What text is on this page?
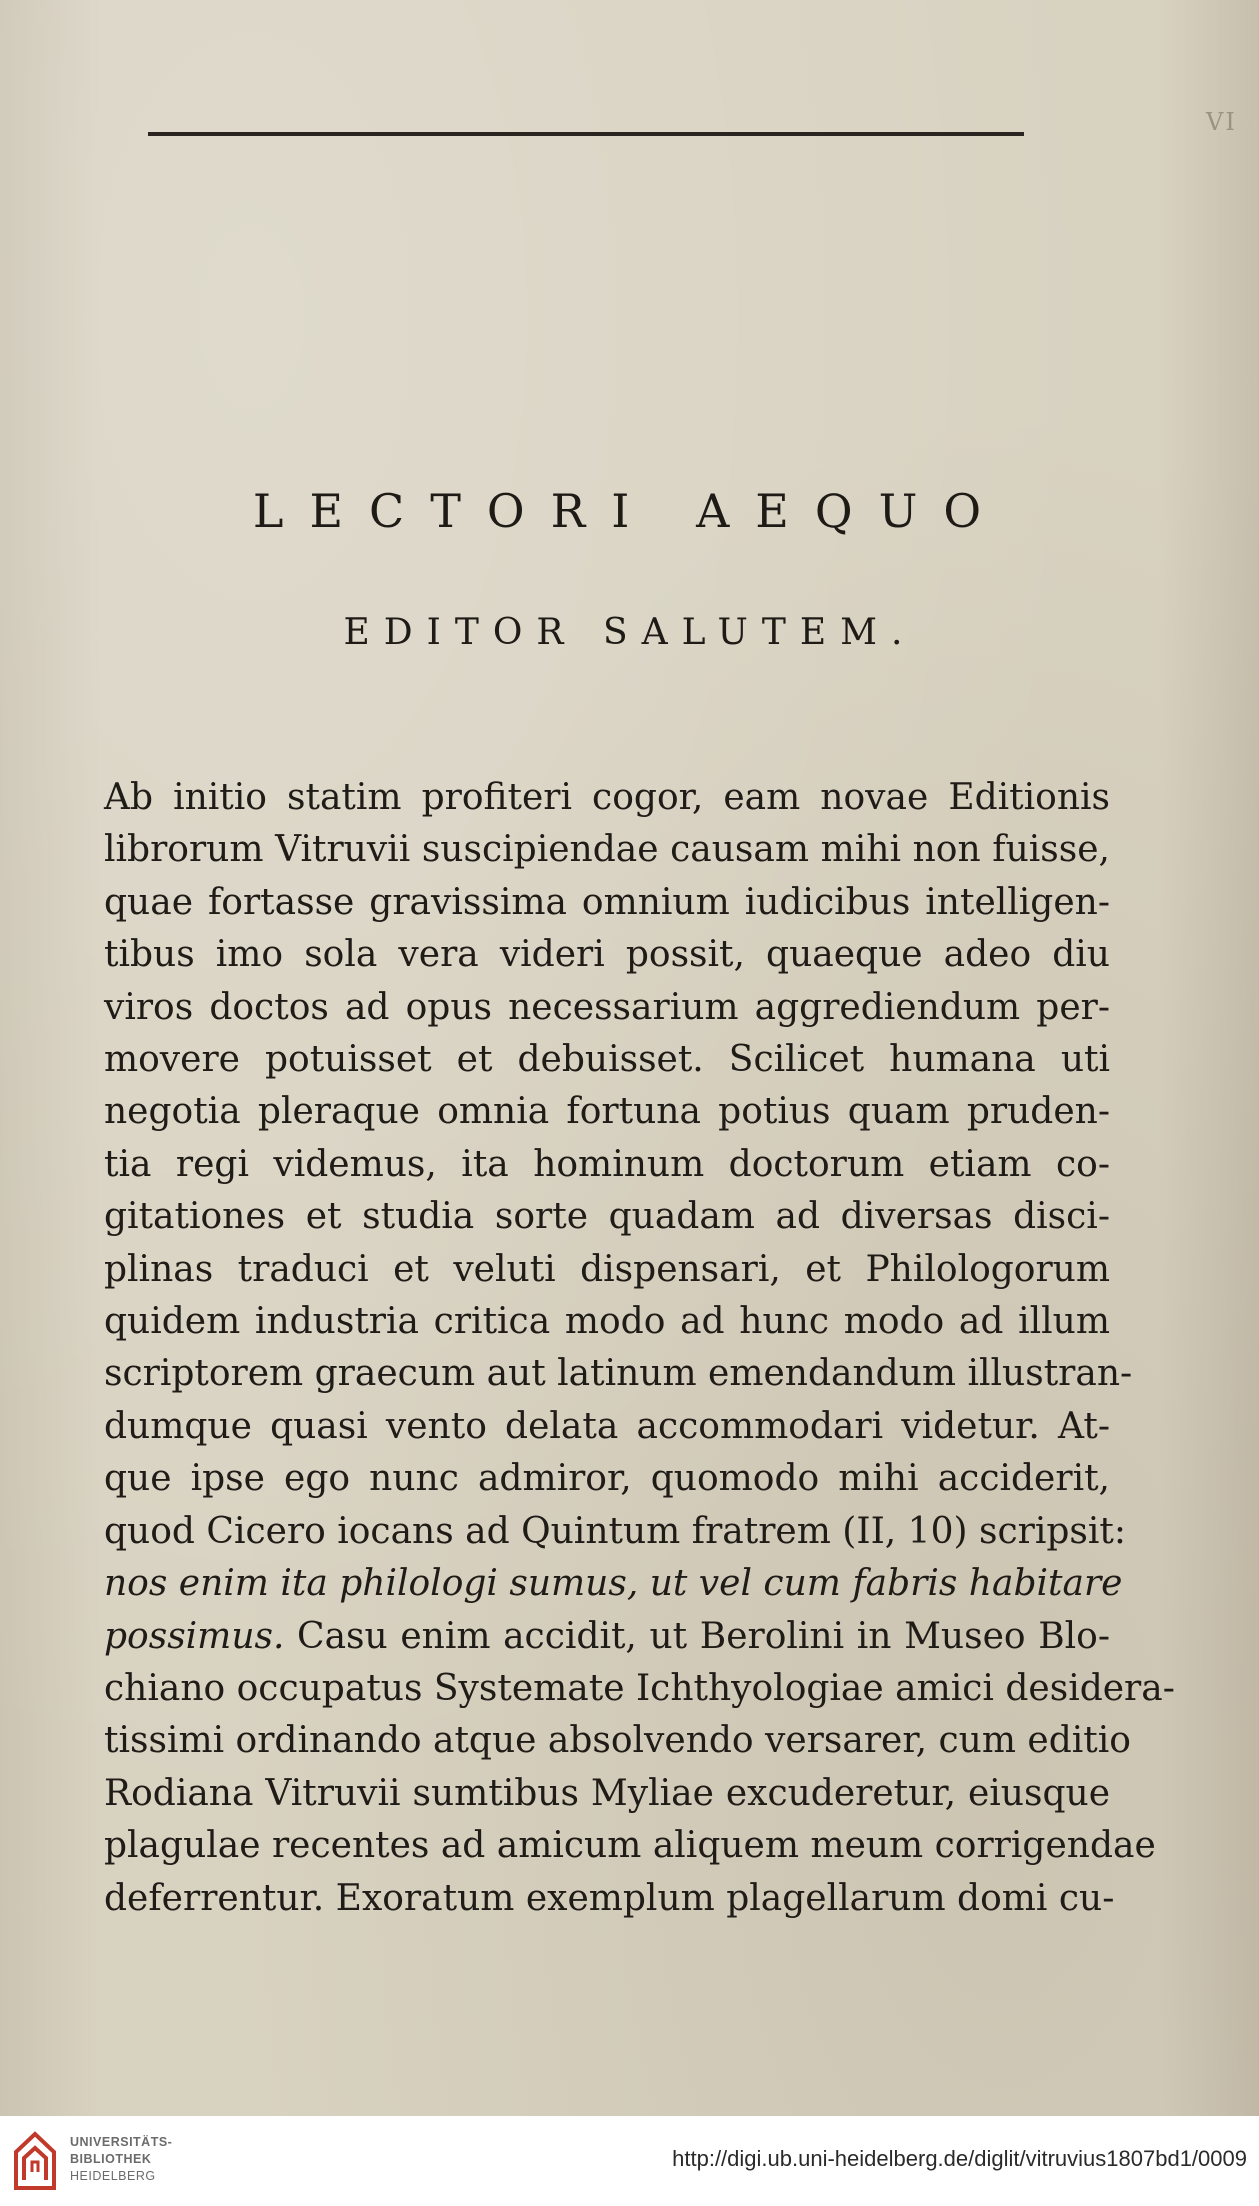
VI
LECTORI AEQUO
EDITOR SALUTEM.
Ab initio statim profiteri cogor, eam novae Editionis
librorum Vitruvii suscipiendae causam mihi non fuisse,
quae fortasse gravissima omnium iudicibus intelligen-
tibus imo sola vera videri possit, quaeque adeo diu
viros doctos ad opus necessarium aggrediendum per-
movere potuisset et debuisset. Scilicet humana uti
negotia pleraque omnia fortuna potius quam pruden-
tia regi videmus, ita hominum doctorum etiam co-
gitationes et studia sorte quadam ad diversas disci-
plinas traduci et veluti dispensari, et Philologorum
quidem industria critica modo ad hunc modo ad illum
scriptorem graecum aut latinum emendandum illustran-
dumque quasi vento delata accommodari videtur. At-
que ipse ego nunc admiror, quomodo mihi acciderit,
quod Cicero iocans ad Quintum fratrem (II, 10) scripsit:
nos enim ita philologi sumus, ut vel cum fabris habitare
possimus. Casu enim accidit, ut Berolini in Museo Blo-
chiano occupatus Systemate Ichthyologiae amici desidera-
tissimi ordinando atque absolvendo versarer, cum editio
Rodiana Vitruvii sumtibus Myliae excuderetur, eiusque
plagulae recentes ad amicum aliquem meum corrigendae
deferrentur. Exoratum exemplum plagellarum domi cu-
UNIVERSITÄTS-
BIBLIOTHEK
HEIDELBERG
http://digi.ub.uni-heidelberg.de/diglit/vitruvius1807bd1/0009
